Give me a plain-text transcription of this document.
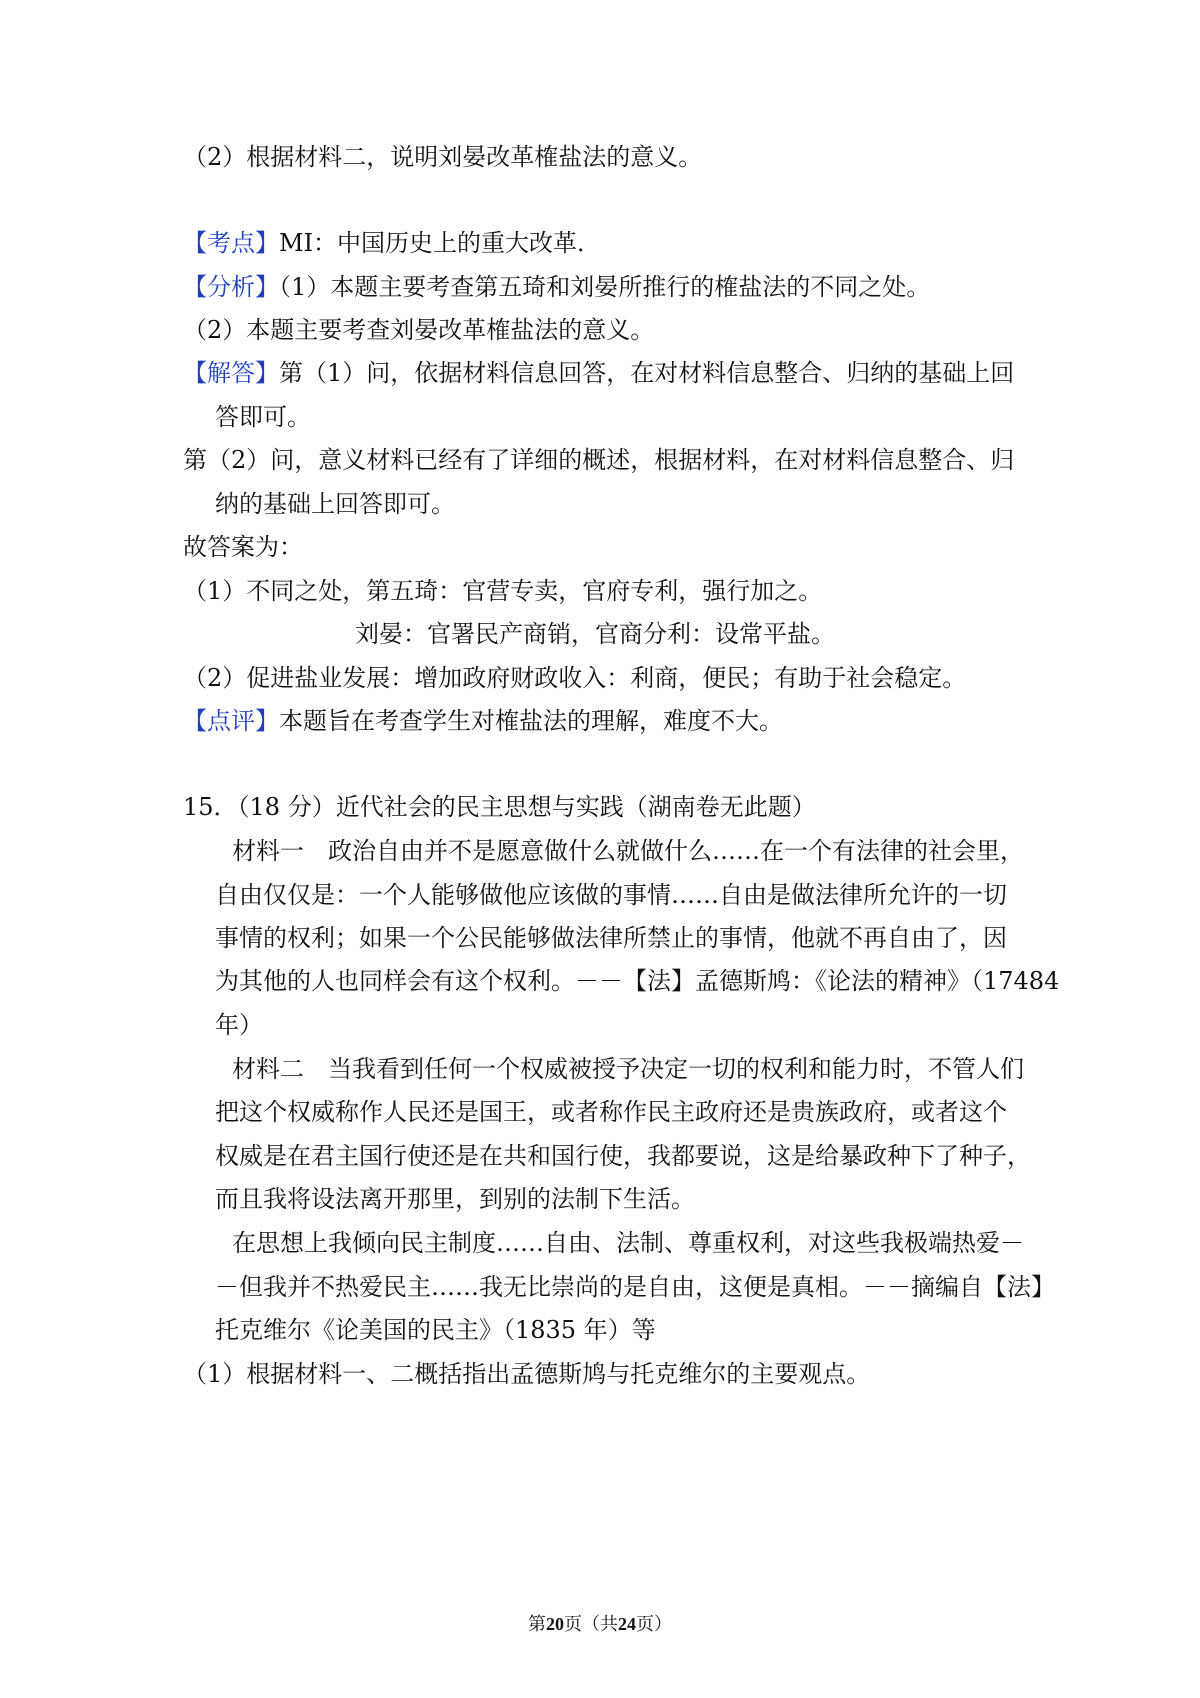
（2）根据材料二，说明刘晏改革榷盐法的意义。
【考点】MI：中国历史上的重大改革．
【分析】（1）本题主要考查第五琦和刘晏所推行的榷盐法的不同之处。
（2）本题主要考查刘晏改革榷盐法的意义。
【解答】第（1）问，依据材料信息回答，在对材料信息整合、归纳的基础上回
答即可。
第（2）问，意义材料已经有了详细的概述，根据材料，在对材料信息整合、归
纳的基础上回答即可。
故答案为：
（1）不同之处，第五琦：官营专卖，官府专利，强行加之。
刘晏：官署民产商销，官商分利：设常平盐。
（2）促进盐业发展：增加政府财政收入：利商，便民；有助于社会稳定。
【点评】本题旨在考查学生对榷盐法的理解，难度不大。
15．（18 分）近代社会的民主思想与实践（湖南卷无此题）
材料一　政治自由并不是愿意做什么就做什么……在一个有法律的社会里，
自由仅仅是：一个人能够做他应该做的事情……自由是做法律所允许的一切
事情的权利；如果一个公民能够做法律所禁止的事情，他就不再自由了，因
为其他的人也同样会有这个权利。－－【法】孟德斯鸠：《论法的精神》（17484
年）
材料二　当我看到任何一个权威被授予决定一切的权利和能力时，不管人们
把这个权威称作人民还是国王，或者称作民主政府还是贵族政府，或者这个
权威是在君主国行使还是在共和国行使，我都要说，这是给暴政种下了种子，
而且我将设法离开那里，到别的法制下生活。
在思想上我倾向民主制度……自由、法制、尊重权利，对这些我极端热爱－
－但我并不热爱民主……我无比崇尚的是自由，这便是真相。－－摘编自【法】
托克维尔《论美国的民主》（1835 年）等
（1）根据材料一、二概括指出孟德斯鸠与托克维尔的主要观点。
第20页（共24页）
